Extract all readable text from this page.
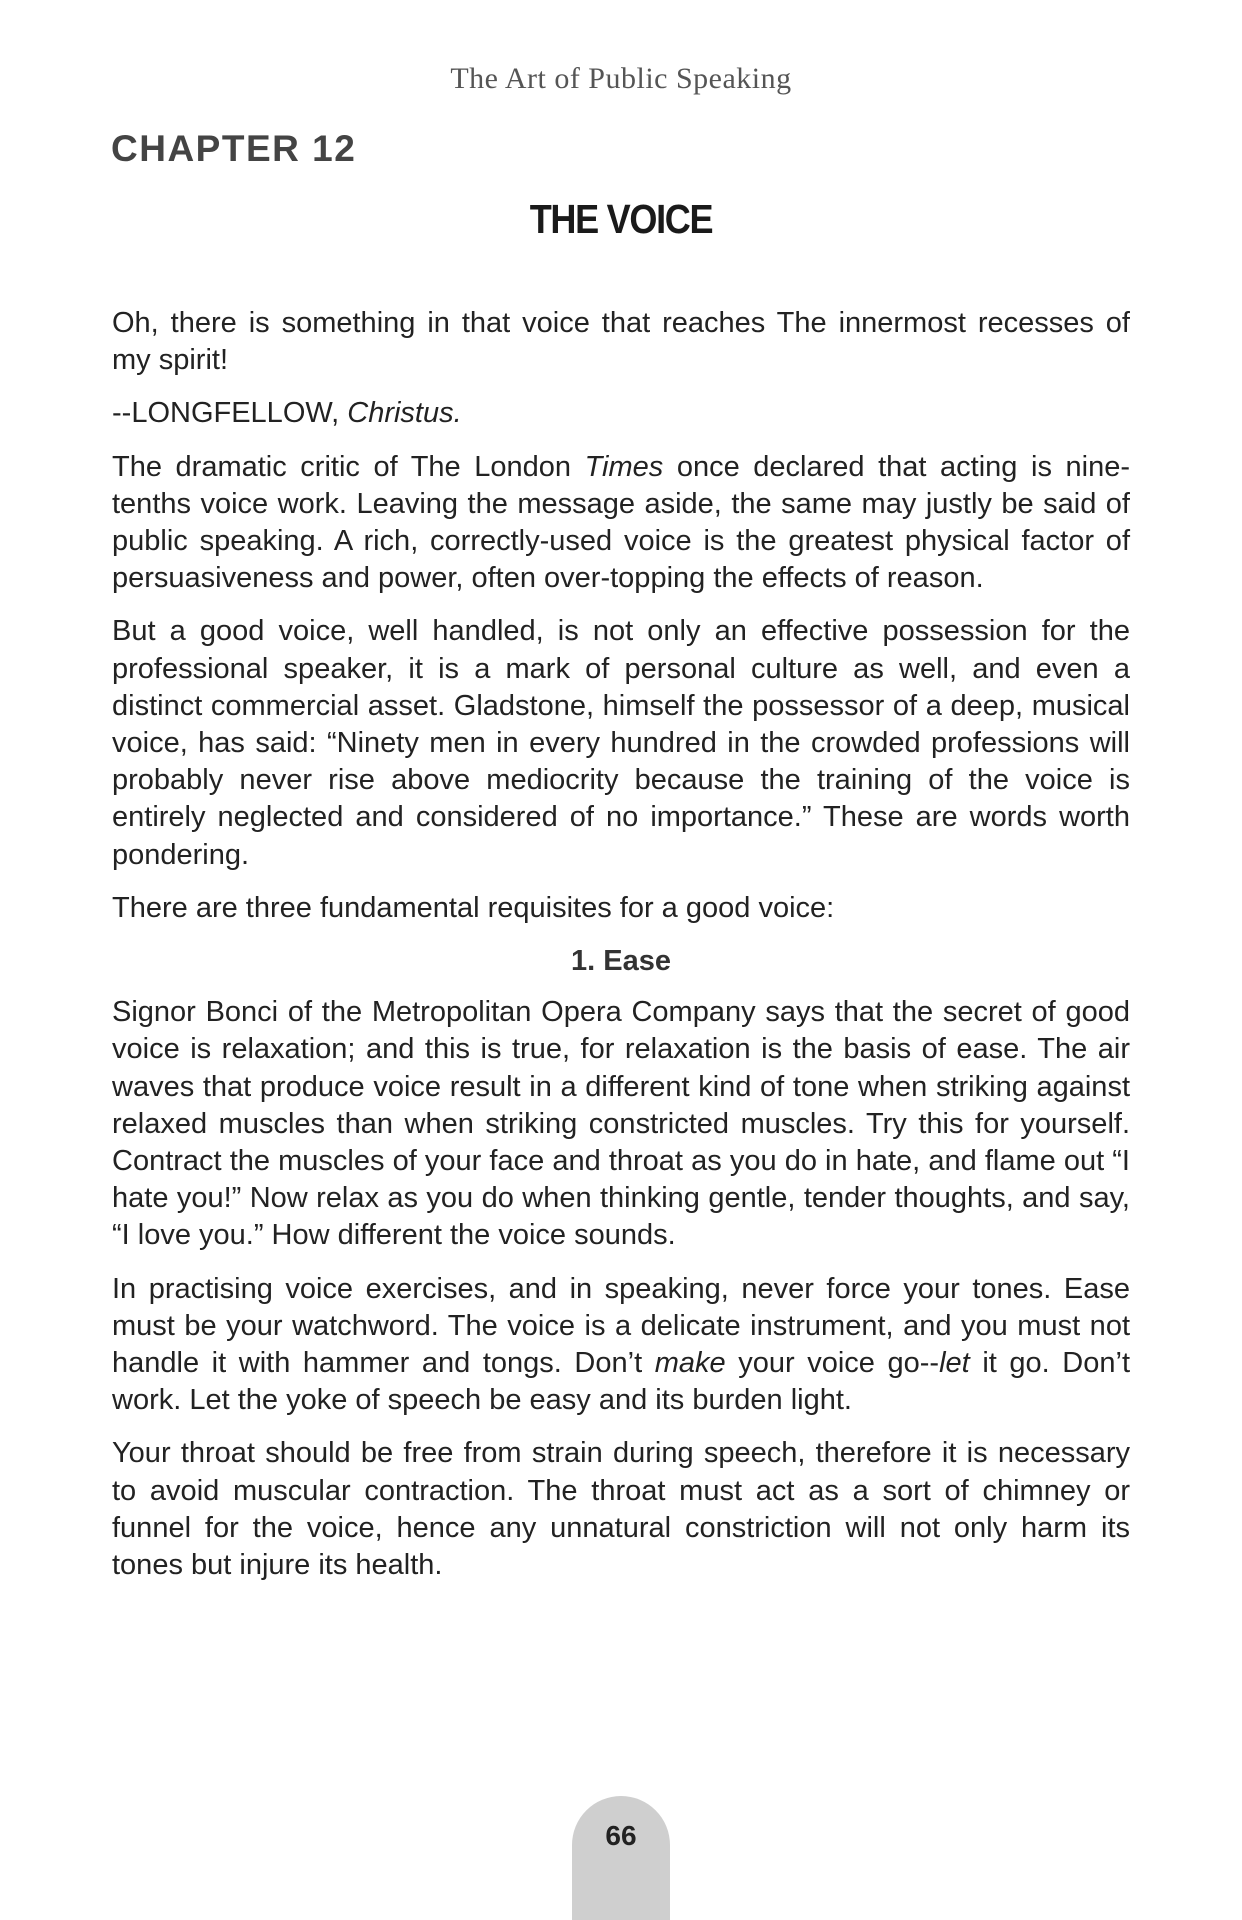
The Art of Public Speaking
CHAPTER 12
THE VOICE

Oh, there is something in that voice that reaches The innermost recesses of my spirit!

--LONGFELLOW, Christus.

The dramatic critic of The London Times once declared that acting is nine-tenths voice work. Leaving the message aside, the same may justly be said of public speaking. A rich, correctly-used voice is the greatest physical factor of persuasiveness and power, often over-topping the effects of reason.

But a good voice, well handled, is not only an effective possession for the professional speaker, it is a mark of personal culture as well, and even a distinct commercial asset. Gladstone, himself the possessor of a deep, musical voice, has said: “Ninety men in every hundred in the crowded professions will probably never rise above mediocrity because the training of the voice is entirely neglected and considered of no importance.” These are words worth pondering.

There are three fundamental requisites for a good voice:

1. Ease

Signor Bonci of the Metropolitan Opera Company says that the secret of good voice is relaxation; and this is true, for relaxation is the basis of ease. The air waves that produce voice result in a different kind of tone when striking against relaxed muscles than when striking constricted muscles. Try this for yourself. Contract the muscles of your face and throat as you do in hate, and flame out “I hate you!” Now relax as you do when thinking gentle, tender thoughts, and say, “I love you.” How different the voice sounds.

In practising voice exercises, and in speaking, never force your tones. Ease must be your watchword. The voice is a delicate instrument, and you must not handle it with hammer and tongs. Don’t make your voice go--let it go. Don’t work. Let the yoke of speech be easy and its burden light.

Your throat should be free from strain during speech, therefore it is necessary to avoid muscular contraction. The throat must act as a sort of chimney or funnel for the voice, hence any unnatural constriction will not only harm its tones but injure its health.

66
